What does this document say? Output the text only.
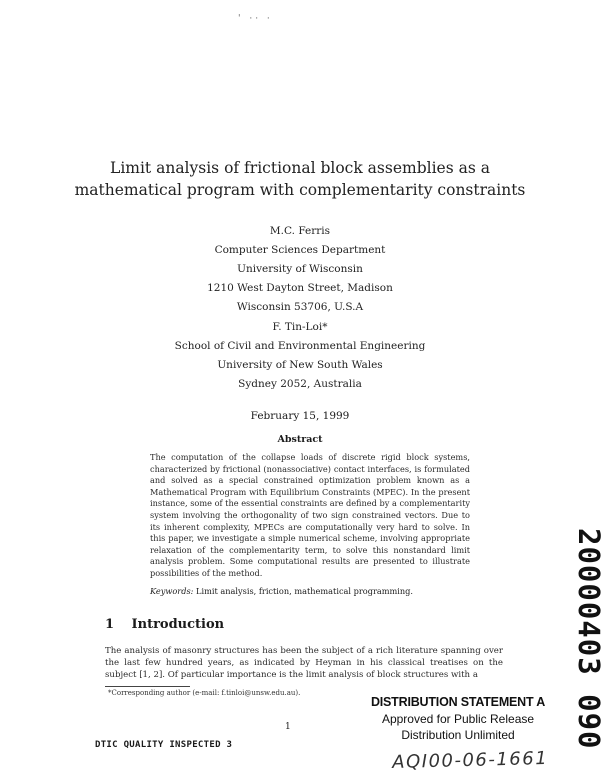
' ·· ·
Limit analysis of frictional block assemblies as a
mathematical program with complementarity constraints
M.C. Ferris
Computer Sciences Department
University of Wisconsin
1210 West Dayton Street, Madison
Wisconsin 53706, U.S.A
F. Tin-Loi*
School of Civil and Environmental Engineering
University of New South Wales
Sydney 2052, Australia
February 15, 1999
Abstract
The computation of the collapse loads of discrete rigid block systems, characterized by frictional (nonassociative) contact interfaces, is formulated and solved as a special constrained optimization problem known as a Mathematical Program with Equilibrium Constraints (MPEC). In the present instance, some of the essential constraints are defined by a complementarity system involving the orthogonality of two sign constrained vectors. Due to its inherent complexity, MPECs are computationally very hard to solve. In this paper, we investigate a simple numerical scheme, involving appropriate relaxation of the complementarity term, to solve this nonstandard limit analysis problem. Some computational results are presented to illustrate possibilities of the method.
Keywords: Limit analysis, friction, mathematical programming.
1 Introduction
The analysis of masonry structures has been the subject of a rich literature spanning over the last few hundred years, as indicated by Heyman in his classical treatises on the subject [1, 2]. Of particular importance is the limit analysis of block structures with a
*Corresponding author (e-mail: f.tinloi@unsw.edu.au).
1
DISTRIBUTION STATEMENT A
Approved for Public Release
Distribution Unlimited
DTIC QUALITY INSPECTED 3	20000403 090
AQI00-06-1661
